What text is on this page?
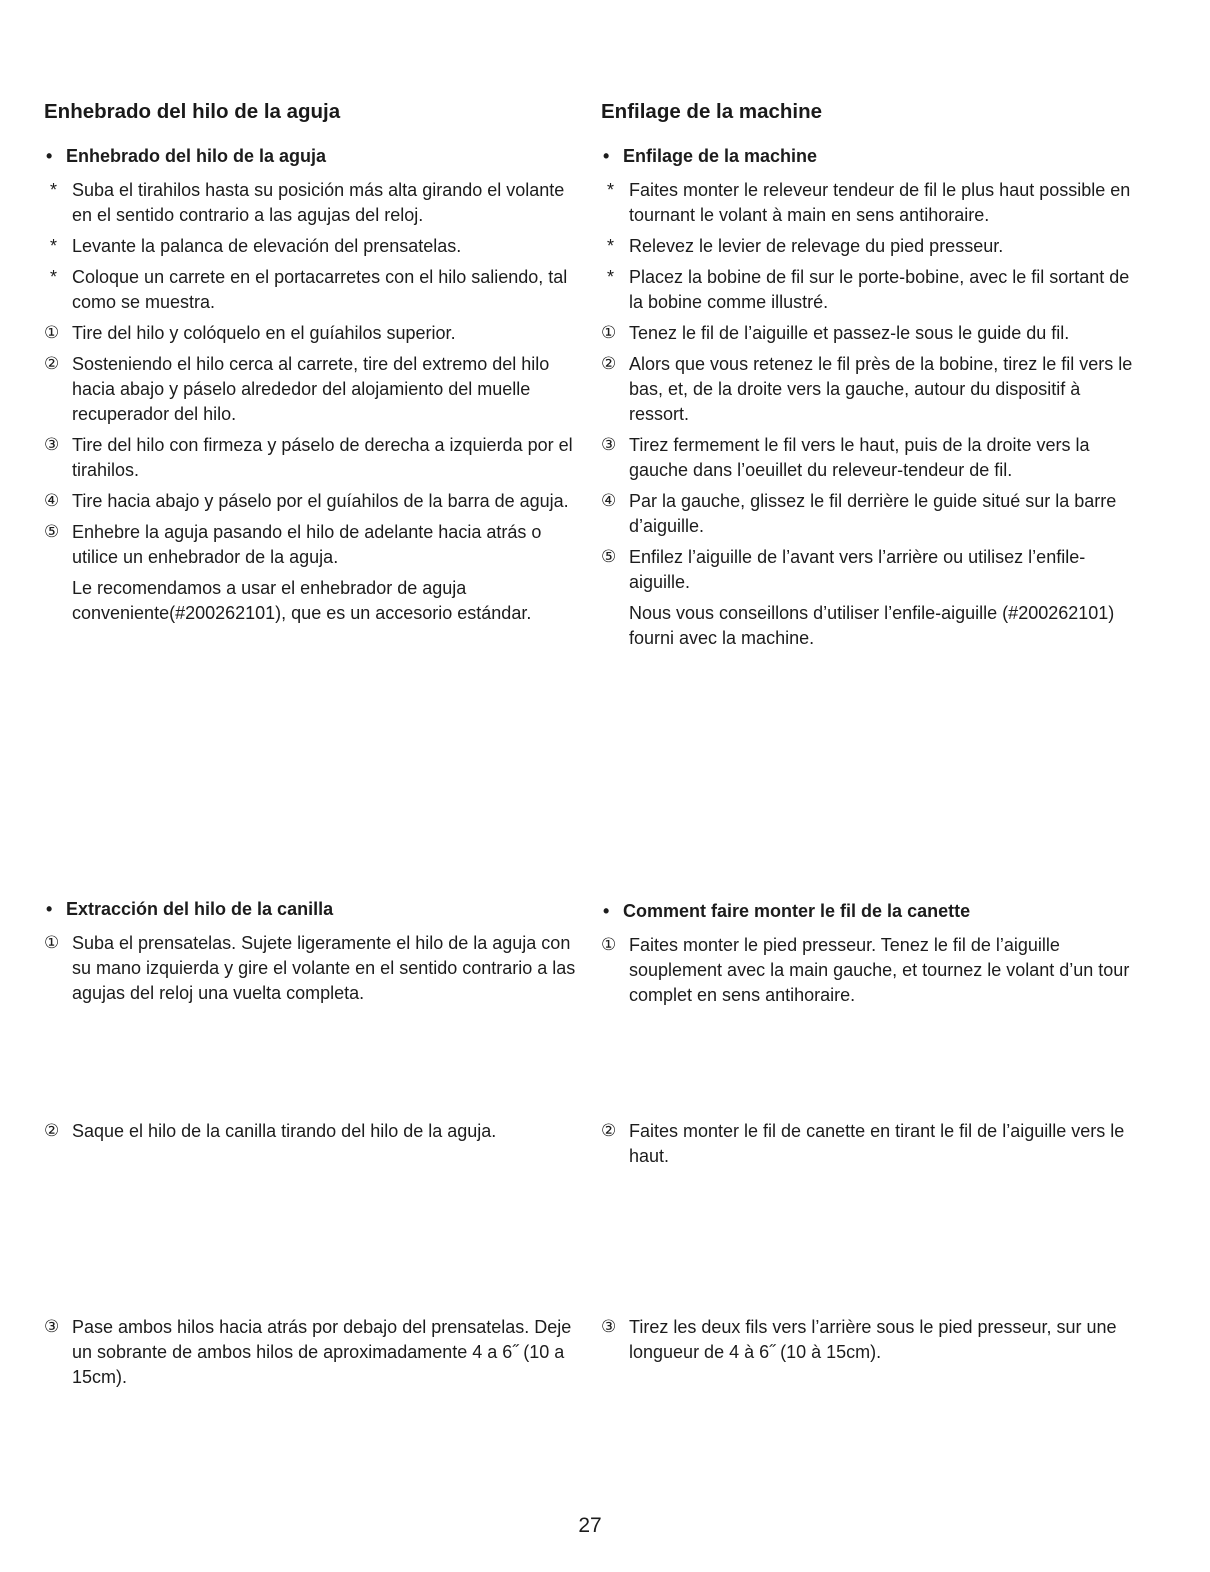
Enhebrado del hilo de la aguja
• Enhebrado del hilo de la aguja
* Suba el tirahilos hasta su posición más alta girando el volante en el sentido contrario a las agujas del reloj.
* Levante la palanca de elevación del prensatelas.
* Coloque un carrete en el portacarretes con el hilo saliendo, tal como se muestra.
① Tire del hilo y colóquelo en el guíahilos superior.
② Sosteniendo el hilo cerca al carrete, tire del extremo del hilo hacia abajo y páselo alrededor del alojamiento del muelle recuperador del hilo.
③ Tire del hilo con firmeza y páselo de derecha a izquierda por el tirahilos.
④ Tire hacia abajo y páselo por el guíahilos de la barra de aguja.
⑤ Enhebre la aguja pasando el hilo de adelante hacia atrás o utilice un enhebrador de la aguja.
Le recomendamos a usar el enhebrador de aguja conveniente(#200262101), que es un accesorio estándar.
• Extracción del hilo de la canilla
① Suba el prensatelas. Sujete ligeramente el hilo de la aguja con su mano izquierda y gire el volante en el sentido contrario a las agujas del reloj una vuelta completa.
② Saque el hilo de la canilla tirando del hilo de la aguja.
③ Pase ambos hilos hacia atrás por debajo del prensatelas. Deje un sobrante de ambos hilos de aproximadamente 4 a 6˝ (10 a 15cm).
Enfilage de la machine
• Enfilage de la machine
* Faites monter le releveur tendeur de fil le plus haut possible en tournant le volant à main en sens antihoraire.
* Relevez le levier de relevage du pied presseur.
* Placez la bobine de fil sur le porte-bobine, avec le fil sortant de la bobine comme illustré.
① Tenez le fil de l’aiguille et passez-le sous le guide du fil.
② Alors que vous retenez le fil près de la bobine, tirez le fil vers le bas, et, de la droite vers la gauche, autour du dispositif à ressort.
③ Tirez fermement le fil vers le haut, puis de la droite vers la gauche dans l’oeuillet du releveur-tendeur de fil.
④ Par la gauche, glissez le fil derrière le guide situé sur la barre d’aiguille.
⑤ Enfilez l’aiguille de l’avant vers l’arrière ou utilisez l’enfile-aiguille.
Nous vous conseillons d’utiliser l’enfile-aiguille (#200262101) fourni avec la machine.
• Comment faire monter le fil de la canette
① Faites monter le pied presseur. Tenez le fil de l’aiguille souplement avec la main gauche, et tournez le volant d’un tour complet en sens antihoraire.
② Faites monter le fil de canette en tirant le fil de l’aiguille vers le haut.
③ Tirez les deux fils vers l’arrière sous le pied presseur, sur une longueur de 4 à 6˝ (10 à 15cm).
27
